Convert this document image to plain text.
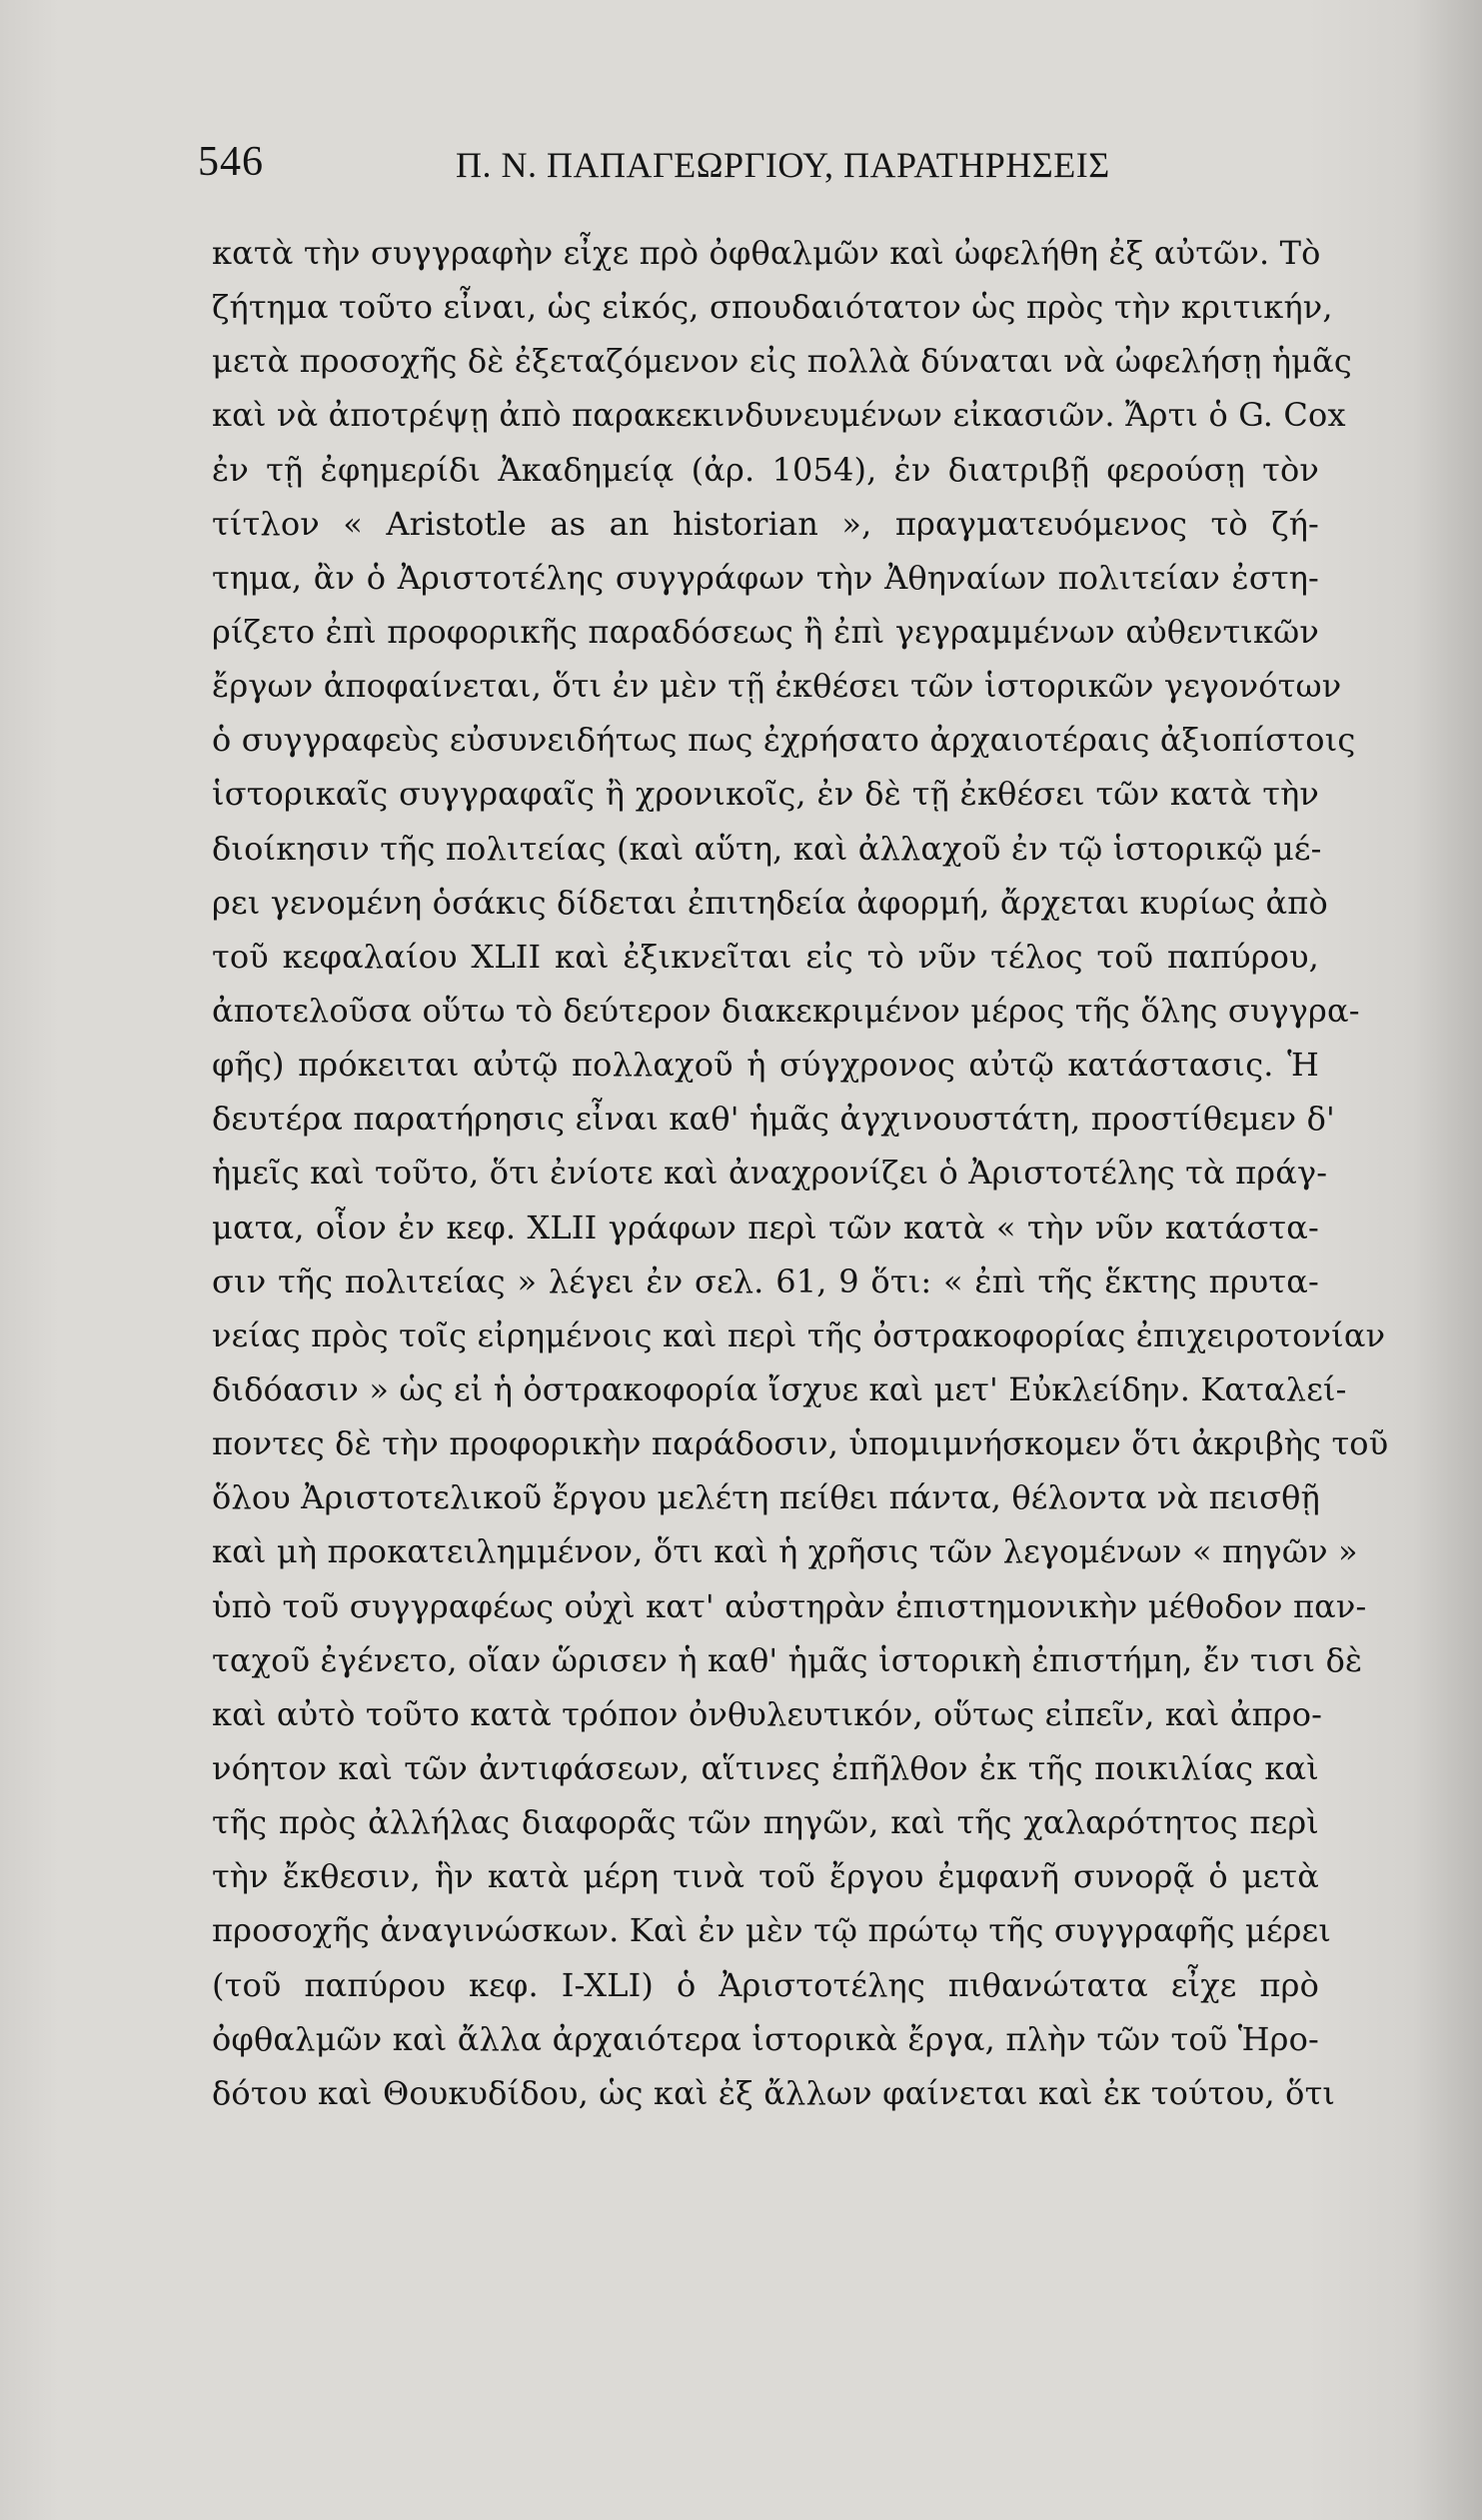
546	Π. Ν. ΠΑΠΑΓΕΩΡΓΙΟΥ, ΠΑΡΑΤΗΡΗΣΕΙΣ
κατὰ τὴν συγγραφὴν εἶχε πρὸ ὀφθαλμῶν καὶ ὠφελήθη ἐξ αὐτῶν. Τὸ
ζήτημα τοῦτο εἶναι, ὡς εἰκός, σπουδαιότατον ὡς πρὸς τὴν κριτικήν,
μετὰ προσοχῆς δὲ ἐξεταζόμενον εἰς πολλὰ δύναται νὰ ὠφελήσῃ ἡμᾶς
καὶ νὰ ἀποτρέψῃ ἀπὸ παρακεκινδυνευμένων εἰκασιῶν. Ἄρτι ὁ G. Cox
ἐν τῇ ἐφημερίδι Ἀκαδημείᾳ (ἀρ. 1054), ἐν διατριβῇ φερούσῃ τὸν
τίτλον « Aristotle as an historian », πραγματευόμενος τὸ ζή-
τημα, ἂν ὁ Ἀριστοτέλης συγγράφων τὴν Ἀθηναίων πολιτείαν ἐστη-
ρίζετο ἐπὶ προφορικῆς παραδόσεως ἢ ἐπὶ γεγραμμένων αὐθεντικῶν
ἔργων ἀποφαίνεται, ὅτι ἐν μὲν τῇ ἐκθέσει τῶν ἱστορικῶν γεγονότων
ὁ συγγραφεὺς εὐσυνειδήτως πως ἐχρήσατο ἀρχαιοτέραις ἀξιοπίστοις
ἱστορικαῖς συγγραφαῖς ἢ χρονικοῖς, ἐν δὲ τῇ ἐκθέσει τῶν κατὰ τὴν
διοίκησιν τῆς πολιτείας (καὶ αὕτη, καὶ ἀλλαχοῦ ἐν τῷ ἱστορικῷ μέ-
ρει γενομένη ὁσάκις δίδεται ἐπιτηδεία ἀφορμή, ἄρχεται κυρίως ἀπὸ
τοῦ κεφαλαίου XLII καὶ ἐξικνεῖται εἰς τὸ νῦν τέλος τοῦ παπύρου,
ἀποτελοῦσα οὕτω τὸ δεύτερον διακεκριμένον μέρος τῆς ὅλης συγγρα-
φῆς) πρόκειται αὐτῷ πολλαχοῦ ἡ σύγχρονος αὐτῷ κατάστασις. Ἡ
δευτέρα παρατήρησις εἶναι καθ' ἡμᾶς ἀγχινουστάτη, προστίθεμεν δ'
ἡμεῖς καὶ τοῦτο, ὅτι ἐνίοτε καὶ ἀναχρονίζει ὁ Ἀριστοτέλης τὰ πράγ-
ματα, οἷον ἐν κεφ. XLII γράφων περὶ τῶν κατὰ « τὴν νῦν κατάστα-
σιν τῆς πολιτείας » λέγει ἐν σελ. 61, 9 ὅτι: « ἐπὶ τῆς ἕκτης πρυτα-
νείας πρὸς τοῖς εἰρημένοις καὶ περὶ τῆς ὀστρακοφορίας ἐπιχειροτονίαν
διδόασιν » ὡς εἰ ἡ ὀστρακοφορία ἴσχυε καὶ μετ' Εὐκλείδην. Καταλεί-
ποντες δὲ τὴν προφορικὴν παράδοσιν, ὑπομιμνήσκομεν ὅτι ἀκριβὴς τοῦ
ὅλου Ἀριστοτελικοῦ ἔργου μελέτη πείθει πάντα, θέλοντα νὰ πεισθῇ
καὶ μὴ προκατειλημμένον, ὅτι καὶ ἡ χρῆσις τῶν λεγομένων « πηγῶν »
ὑπὸ τοῦ συγγραφέως οὐχὶ κατ' αὐστηρὰν ἐπιστημονικὴν μέθοδον παν-
ταχοῦ ἐγένετο, οἵαν ὥρισεν ἡ καθ' ἡμᾶς ἱστορικὴ ἐπιστήμη, ἔν τισι δὲ
καὶ αὐτὸ τοῦτο κατὰ τρόπον ὀνθυλευτικόν, οὕτως εἰπεῖν, καὶ ἀπρο-
νόητον καὶ τῶν ἀντιφάσεων, αἵτινες ἐπῆλθον ἐκ τῆς ποικιλίας καὶ
τῆς πρὸς ἀλλήλας διαφορᾶς τῶν πηγῶν, καὶ τῆς χαλαρότητος περὶ
τὴν ἔκθεσιν, ἣν κατὰ μέρη τινὰ τοῦ ἔργου ἐμφανῆ συνορᾷ ὁ μετὰ
προσοχῆς ἀναγινώσκων. Καὶ ἐν μὲν τῷ πρώτῳ τῆς συγγραφῆς μέρει
(τοῦ παπύρου κεφ. I-XLI) ὁ Ἀριστοτέλης πιθανώτατα εἶχε πρὸ
ὀφθαλμῶν καὶ ἄλλα ἀρχαιότερα ἱστορικὰ ἔργα, πλὴν τῶν τοῦ Ἡρο-
δότου καὶ Θουκυδίδου, ὡς καὶ ἐξ ἄλλων φαίνεται καὶ ἐκ τούτου, ὅτι
